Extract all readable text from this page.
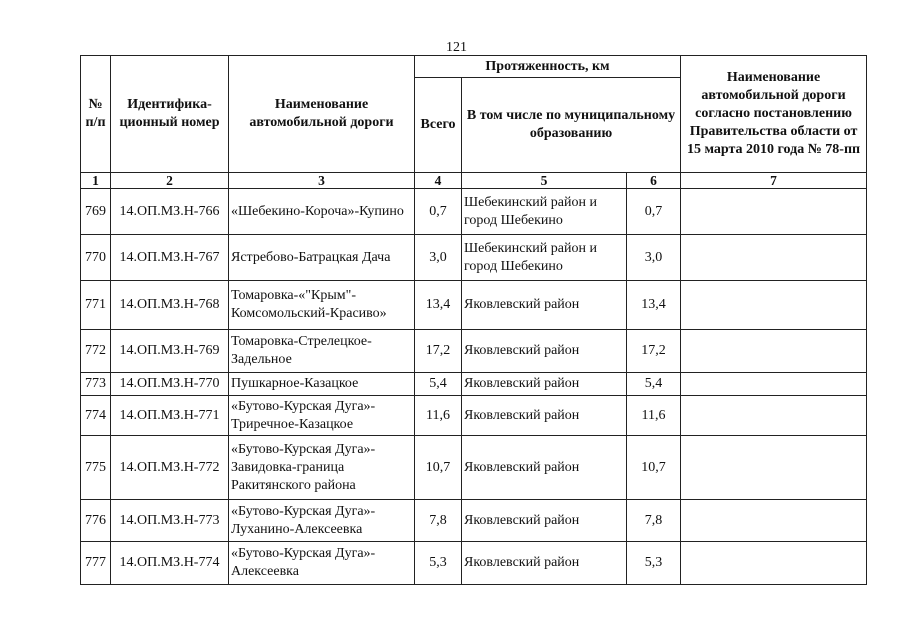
121
№ п/п	Идентифика-ционный номер	Наименование автомобильной дороги	Протяженность, км			Наименование автомобильной дороги согласно постановлению Правительства области от 15 марта 2010 года № 78-пп
			Всего	В том числе по муниципальному образованию		
1	2	3	4	5	6	7
769	14.ОП.МЗ.Н-766	«Шебекино-Короча»-Купино	0,7	Шебекинский район и город Шебекино	0,7	
770	14.ОП.МЗ.Н-767	Ястребово-Батрацкая Дача	3,0	Шебекинский район и город Шебекино	3,0	
771	14.ОП.МЗ.Н-768	Томаровка-«"Крым"-Комсомольский-Красиво»	13,4	Яковлевский район	13,4	
772	14.ОП.МЗ.Н-769	Томаровка-Стрелецкое-Задельное	17,2	Яковлевский район	17,2	
773	14.ОП.МЗ.Н-770	Пушкарное-Казацкое	5,4	Яковлевский район	5,4	
774	14.ОП.МЗ.Н-771	«Бутово-Курская Дуга»-Триречное-Казацкое	11,6	Яковлевский район	11,6	
775	14.ОП.МЗ.Н-772	«Бутово-Курская Дуга»-Завидовка-граница Ракитянского района	10,7	Яковлевский район	10,7	
776	14.ОП.МЗ.Н-773	«Бутово-Курская Дуга»-Луханино-Алексеевка	7,8	Яковлевский район	7,8	
777	14.ОП.МЗ.Н-774	«Бутово-Курская Дуга»-Алексеевка	5,3	Яковлевский район	5,3	
